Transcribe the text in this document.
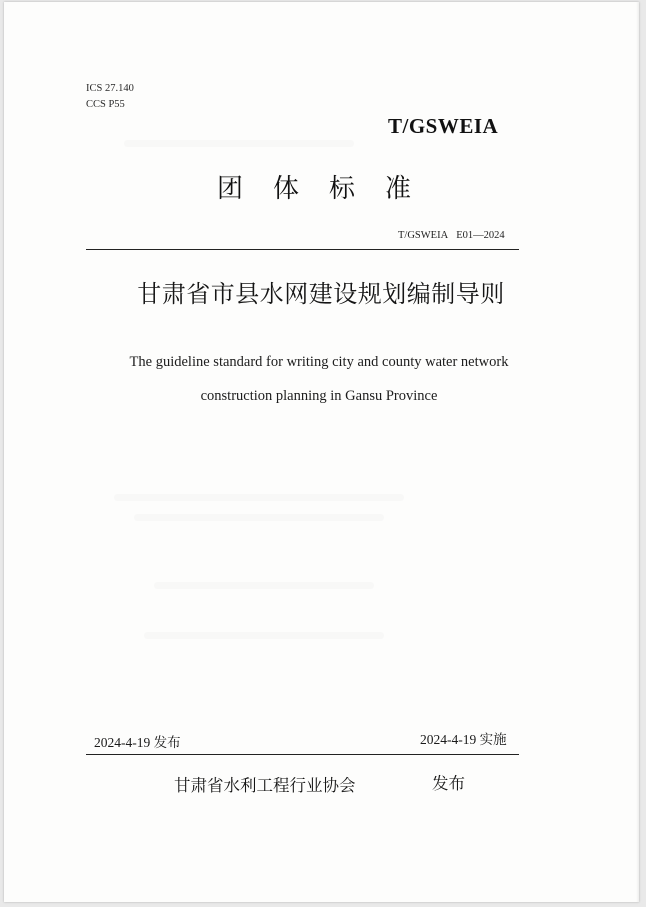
ICS 27.140
CCS P55
T/GSWEIA
团体标准
T/GSWEIA E01—2024
甘肃省市县水网建设规划编制导则
The guideline standard for writing city and county water network
construction planning in Gansu Province
2024-4-19 发布	2024-4-19 实施
甘肃省水利工程行业协会	发布
